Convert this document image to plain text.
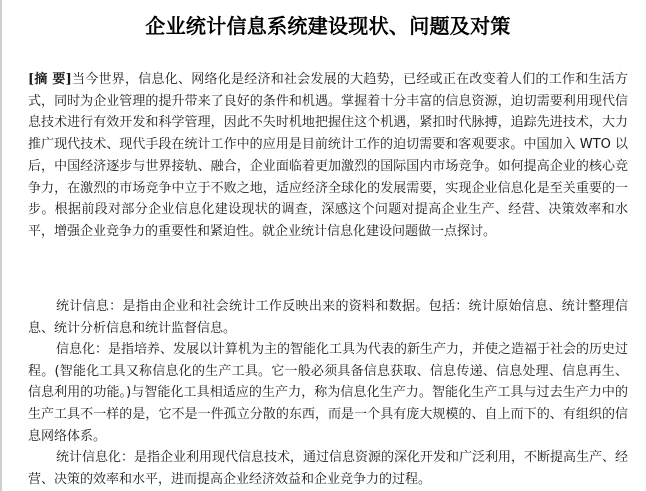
企业统计信息系统建设现状、问题及对策
[摘 要]当今世界，信息化、网络化是经济和社会发展的大趋势，已经或正在改变着人们的工作和生活方式，同时为企业管理的提升带来了良好的条件和机遇。掌握着十分丰富的信息资源，迫切需要利用现代信息技术进行有效开发和科学管理，因此不失时机地把握住这个机遇，紧扣时代脉搏，追踪先进技术，大力推广现代技术、现代手段在统计工作中的应用是目前统计工作的迫切需要和客观要求。中国加入 WTO 以后，中国经济逐步与世界接轨、融合，企业面临着更加激烈的国际国内市场竞争。如何提高企业的核心竞争力，在激烈的市场竞争中立于不败之地，适应经济全球化的发展需要，实现企业信息化是至关重要的一步。根据前段对部分企业信息化建设现状的调查，深感这个问题对提高企业生产、经营、决策效率和水平，增强企业竞争力的重要性和紧迫性。就企业统计信息化建设问题做一点探讨。

统计信息：是指由企业和社会统计工作反映出来的资料和数据。包括：统计原始信息、统计整理信息、统计分析信息和统计监督信息。

信息化：是指培养、发展以计算机为主的智能化工具为代表的新生产力，并使之造福于社会的历史过程。(智能化工具又称信息化的生产工具。它一般必须具备信息获取、信息传递、信息处理、信息再生、信息利用的功能。)与智能化工具相适应的生产力，称为信息化生产力。智能化生产工具与过去生产力中的生产工具不一样的是，它不是一件孤立分散的东西，而是一个具有庞大规模的、自上而下的、有组织的信息网络体系。

统计信息化：是指企业利用现代信息技术，通过信息资源的深化开发和广泛利用，不断提高生产、经营、决策的效率和水平，进而提高企业经济效益和企业竞争力的过程。
